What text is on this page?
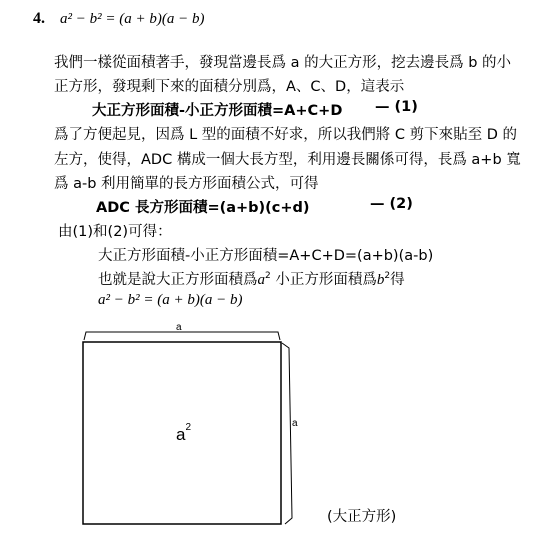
4. a² − b² = (a + b)(a − b)
我們一樣從面積著手，發現當邊長爲 a 的大正方形，挖去邊長爲 b 的小
正方形，發現剩下來的面積分別爲，A、C、D，這表示
大正方形面積-小正方形面積=A+C+D — (1)
爲了方便起見，因爲 L 型的面積不好求，所以我們將 C 剪下來貼至 D 的
左方，使得，ADC 構成一個大長方型，利用邊長關係可得，長爲 a+b 寬
爲 a-b 利用簡單的長方形面積公式，可得
ADC 長方形面積=(a+b)(c+d)	— (2)
由(1)和(2)可得：
大正方形面積-小正方形面積=A+C+D=(a+b)(a-b)
也就是說大正方形面積爲$a^2$ 小正方形面積爲$b^2$得
a² − b² = (a + b)(a − b)
a
a
$a^2$
(大正方形)
